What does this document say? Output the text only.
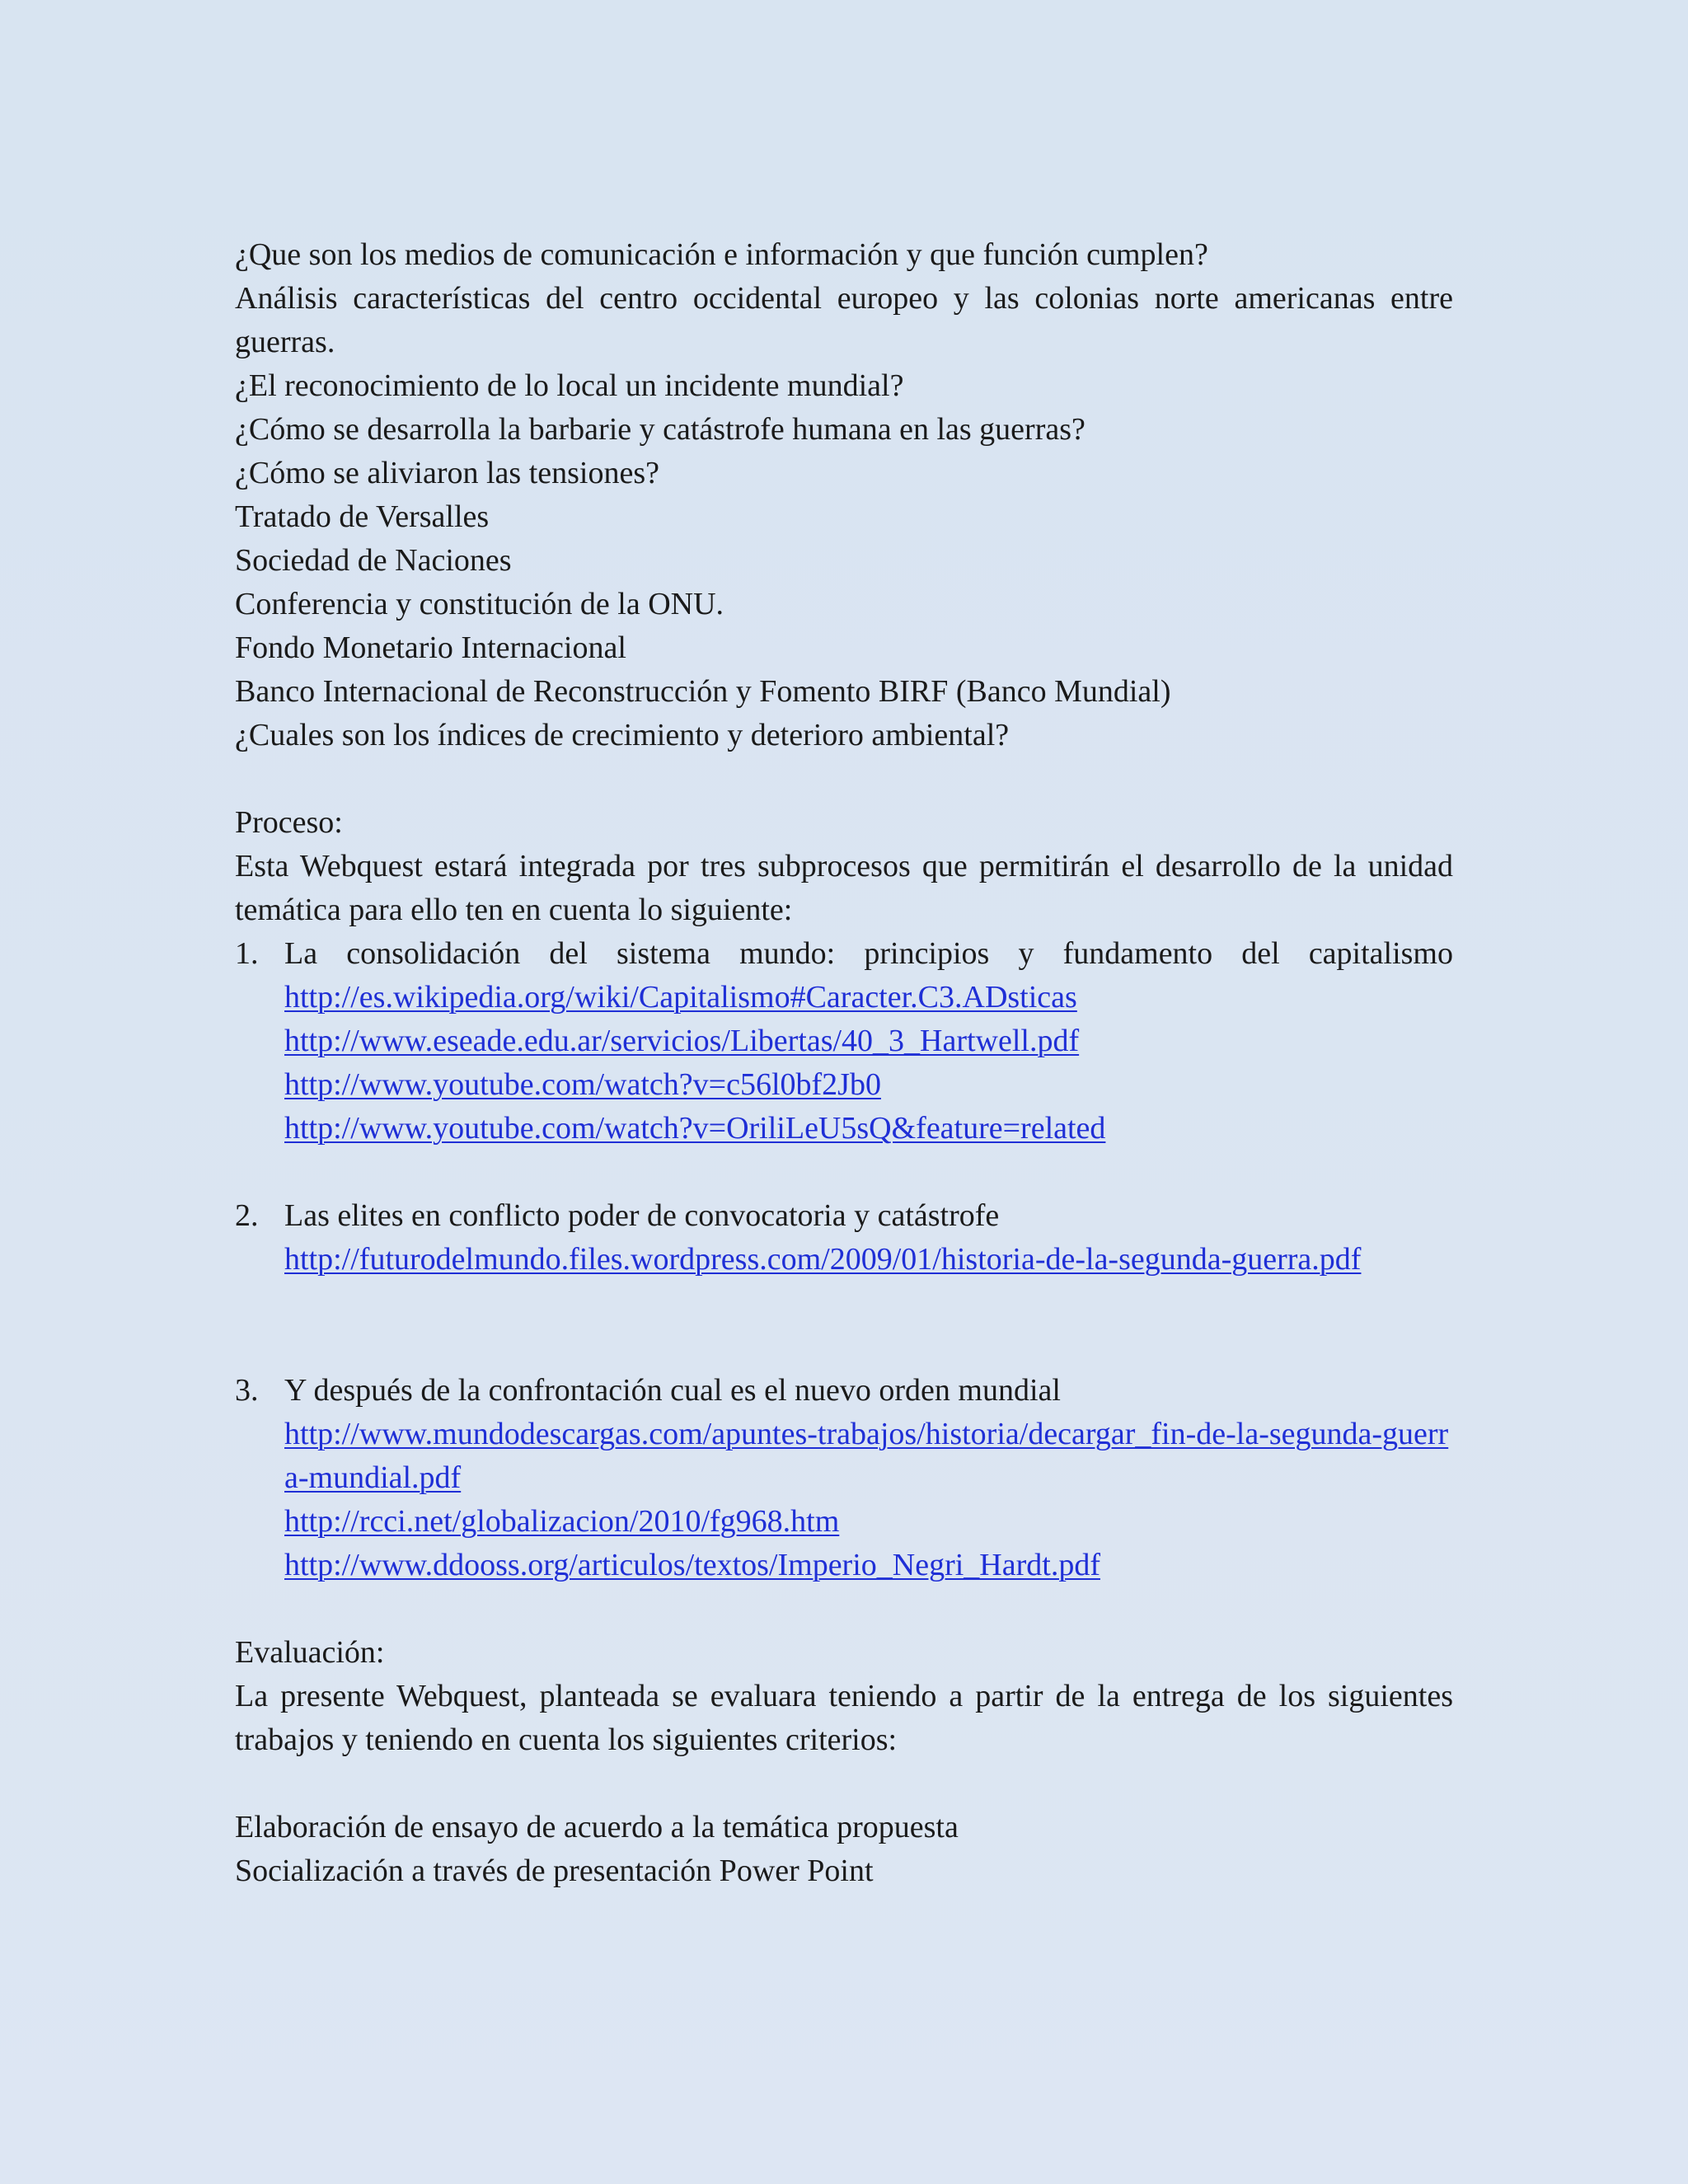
¿Que son los medios de comunicación e información y que función cumplen?
Análisis características del centro occidental europeo y las colonias norte americanas entre guerras.
¿El reconocimiento de lo local un incidente mundial?
¿Cómo se desarrolla la barbarie y catástrofe humana en las guerras?
¿Cómo se aliviaron las tensiones?
Tratado de Versalles
Sociedad de Naciones
Conferencia y constitución de la ONU.
Fondo Monetario Internacional
Banco Internacional de Reconstrucción y Fomento BIRF (Banco Mundial)
¿Cuales son los índices de crecimiento y deterioro ambiental?
Proceso:
Esta Webquest estará integrada por tres subprocesos que permitirán el desarrollo de la unidad temática para ello ten en cuenta lo siguiente:
1. La consolidación del sistema mundo: principios y fundamento del capitalismo
http://es.wikipedia.org/wiki/Capitalismo#Caracter.C3.ADsticas
http://www.eseade.edu.ar/servicios/Libertas/40_3_Hartwell.pdf
http://www.youtube.com/watch?v=c56l0bf2Jb0
http://www.youtube.com/watch?v=OriliLeU5sQ&feature=related
2. Las elites en conflicto poder de convocatoria y catástrofe
http://futurodelmundo.files.wordpress.com/2009/01/historia-de-la-segunda-guerra.pdf
3. Y después de la confrontación cual es el nuevo orden mundial
http://www.mundodescargas.com/apuntes-trabajos/historia/decargar_fin-de-la-segunda-guerra-mundial.pdf
http://rcci.net/globalizacion/2010/fg968.htm
http://www.ddooss.org/articulos/textos/Imperio_Negri_Hardt.pdf
Evaluación:
La presente Webquest, planteada se evaluara teniendo a partir de la entrega de los siguientes trabajos y teniendo en cuenta los siguientes criterios:
Elaboración de ensayo de acuerdo a la temática propuesta
Socialización a través de presentación Power Point
